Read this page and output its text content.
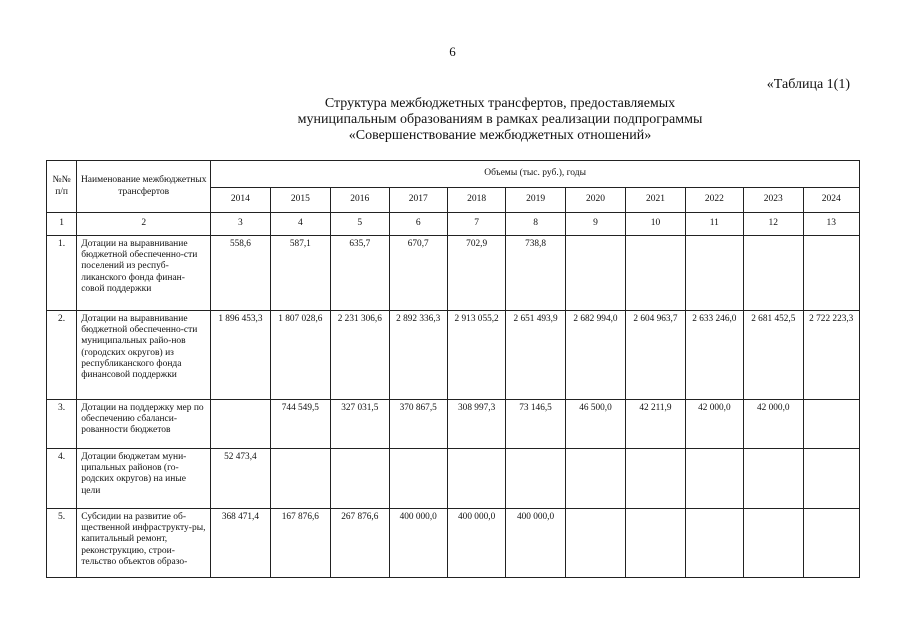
6
«Таблица 1(1)
Структура межбюджетных трансфертов, предоставляемых
муниципальным образованиям в рамках реализации подпрограммы
«Совершенствование межбюджетных отношений»
№№ п/п	Наименование межбюджетных трансфертов	Объемы (тыс. руб.), годы										
		2014	2015	2016	2017	2018	2019	2020	2021	2022	2023	2024
1	2	3	4	5	6	7	8	9	10	11	12	13
1.	Дотации на выравнивание бюджетной обеспеченно-сти поселений из респуб-ликанского фонда финан-совой поддержки	558,6	587,1	635,7	670,7	702,9	738,8					
2.	Дотации на выравнивание бюджетной обеспеченно-сти муниципальных райо-нов (городских округов) из республиканского фонда финансовой поддержки	1 896 453,3	1 807 028,6	2 231 306,6	2 892 336,3	2 913 055,2	2 651 493,9	2 682 994,0	2 604 963,7	2 633 246,0	2 681 452,5	2 722 223,3
3.	Дотации на поддержку мер по обеспечению сбаланси-рованности бюджетов		744 549,5	327 031,5	370 867,5	308 997,3	73 146,5	46 500,0	42 211,9	42 000,0	42 000,0	
4.	Дотации бюджетам муни-ципальных районов (го-родских округов) на иные цели	52 473,4										
5.	Субсидии на развитие об-щественной инфраструкту-ры, капитальный ремонт, реконструкцию, строи-тельство объектов образо-	368 471,4	167 876,6	267 876,6	400 000,0	400 000,0	400 000,0					
